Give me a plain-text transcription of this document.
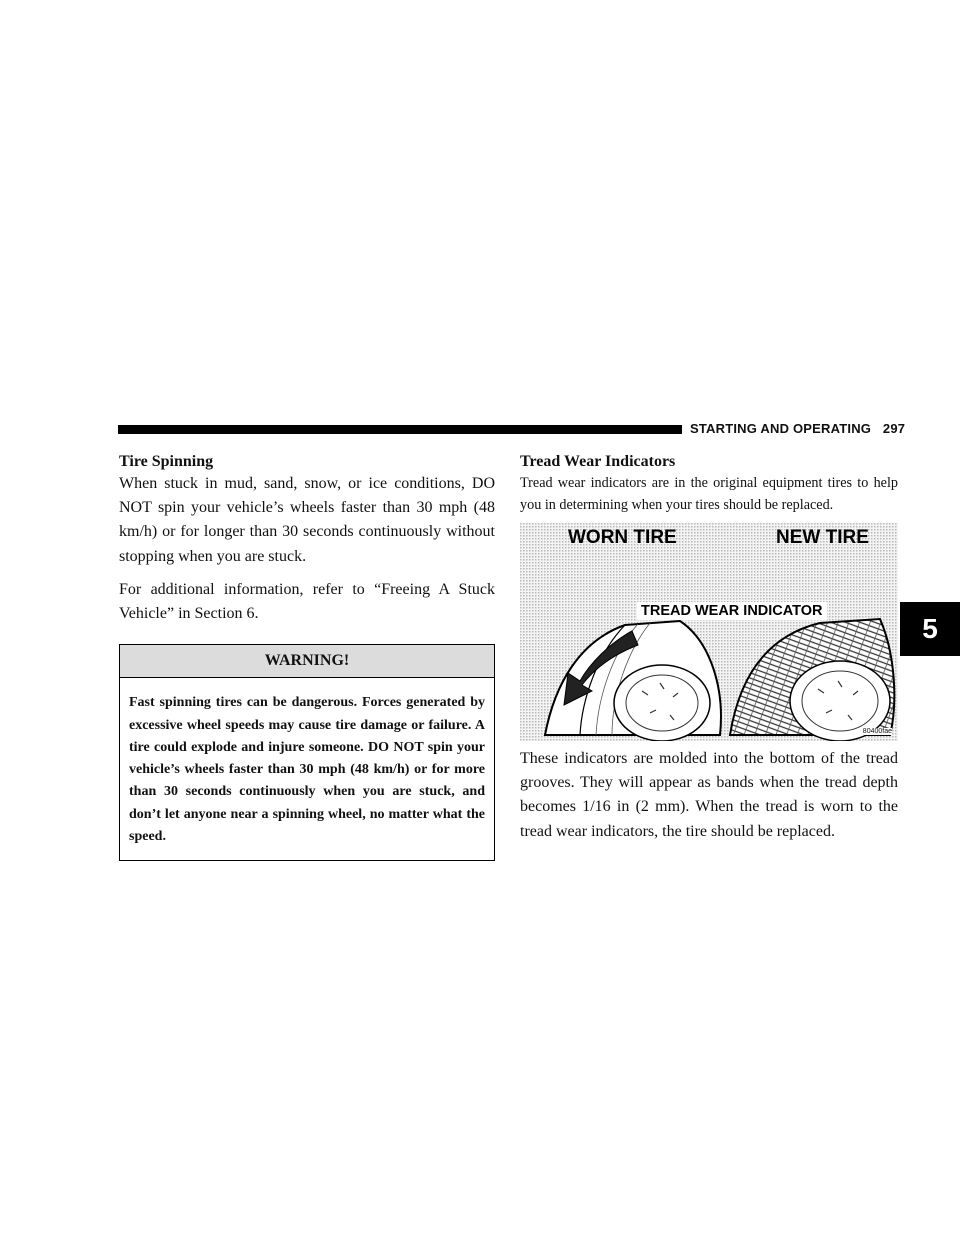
STARTING AND OPERATING 297
5
Tire Spinning

When stuck in mud, sand, snow, or ice conditions, DO NOT spin your vehicle’s wheels faster than 30 mph (48 km/h) or for longer than 30 seconds continuously without stopping when you are stuck.

For additional information, refer to “Freeing A Stuck Vehicle” in Section 6.

WARNING!
Fast spinning tires can be dangerous. Forces generated by excessive wheel speeds may cause tire damage or failure. A tire could explode and injure someone. DO NOT spin your vehicle’s wheels faster than 30 mph (48 km/h) or for more than 30 seconds continuously when you are stuck, and don’t let anyone near a spinning wheel, no matter what the speed.
Tread Wear Indicators

Tread wear indicators are in the original equipment tires to help you in determining when your tires should be replaced.

WORN TIRE	NEW TIRE
TREAD WEAR INDICATOR
80400fae

These indicators are molded into the bottom of the tread grooves. They will appear as bands when the tread depth becomes 1/16 in (2 mm). When the tread is worn to the tread wear indicators, the tire should be replaced.
